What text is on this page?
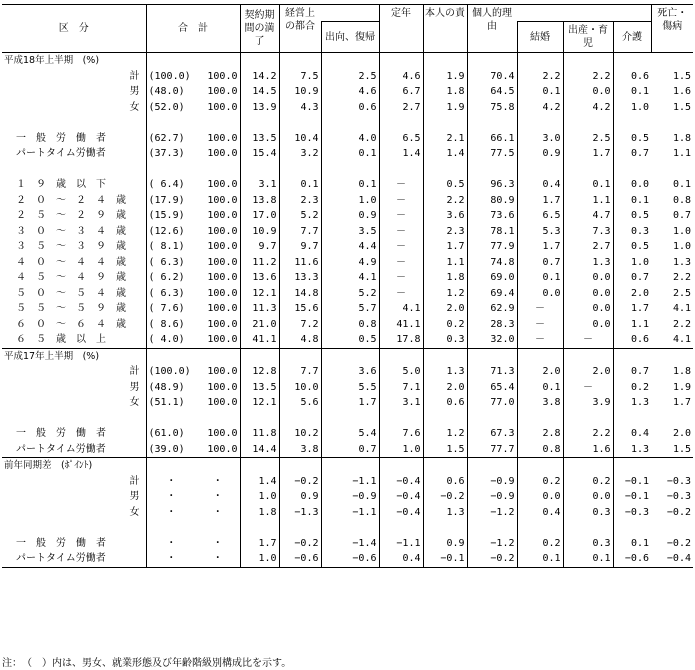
区　分	合　計		契約期間の満了	経営上の都合		定年	本人の責	個人的理由				死亡・傷病
					出向、復帰				結婚	出産・育児	介護	
平成18年上半期　(%)												
計	(100.0)	100.0	14.2	7.5	2.5	4.6	1.9	70.4	2.2	2.2	0.6	1.5
男	(48.0)	100.0	14.5	10.9	4.6	6.7	1.8	64.5	0.1	0.0	0.1	1.6
女	(52.0)	100.0	13.9	4.3	0.6	2.7	1.9	75.8	4.2	4.2	1.0	1.5

一　般　労　働　者	(62.7)	100.0	13.5	10.4	4.0	6.5	2.1	66.1	3.0	2.5	0.5	1.8
パートタイム労働者	(37.3)	100.0	15.4	3.2	0.1	1.4	1.4	77.5	0.9	1.7	0.7	1.1

１　９　歳　以　下	( 6.4)	100.0	3.1	0.1	0.1	－	0.5	96.3	0.4	0.1	0.0	0.1
２　０　～　２　４　歳	(17.9)	100.0	13.8	2.3	1.0	－	2.2	80.9	1.7	1.1	0.1	0.8
２　５　～　２　９　歳	(15.9)	100.0	17.0	5.2	0.9	－	3.6	73.6	6.5	4.7	0.5	0.7
３　０　～　３　４　歳	(12.6)	100.0	10.9	7.7	3.5	－	2.3	78.1	5.3	7.3	0.3	1.0
３　５　～　３　９　歳	( 8.1)	100.0	9.7	9.7	4.4	－	1.7	77.9	1.7	2.7	0.5	1.0
４　０　～　４　４　歳	( 6.3)	100.0	11.2	11.6	4.9	－	1.1	74.8	0.7	1.3	1.0	1.3
４　５　～　４　９　歳	( 6.2)	100.0	13.6	13.3	4.1	－	1.8	69.0	0.1	0.0	0.7	2.2
５　０　～　５　４　歳	( 6.3)	100.0	12.1	14.8	5.2	－	1.2	69.4	0.0	0.0	2.0	2.5
５　５　～　５　９　歳	( 7.6)	100.0	11.3	15.6	5.7	4.1	2.0	62.9	－	0.0	1.7	4.1
６　０　～　６　４　歳	( 8.6)	100.0	21.0	7.2	0.8	41.1	0.2	28.3	－	0.0	1.1	2.2
６　５　歳　以　上	( 4.0)	100.0	41.1	4.8	0.5	17.8	0.3	32.0	－	－	0.6	4.1
平成17年上半期　(%)												
計	(100.0)	100.0	12.8	7.7	3.6	5.0	1.3	71.3	2.0	2.0	0.7	1.8
男	(48.9)	100.0	13.5	10.0	5.5	7.1	2.0	65.4	0.1	－	0.2	1.9
女	(51.1)	100.0	12.1	5.6	1.7	3.1	0.6	77.0	3.8	3.9	1.3	1.7

一　般　労　働　者	(61.0)	100.0	11.8	10.2	5.4	7.6	1.2	67.3	2.8	2.2	0.4	2.0
パートタイム労働者	(39.0)	100.0	14.4	3.8	0.7	1.0	1.5	77.7	0.8	1.6	1.3	1.5
前年同期差　(ﾎﾟｲﾝﾄ)												
計	・	・	1.4	−0.2	−1.1	−0.4	0.6	−0.9	0.2	0.2	−0.1	−0.3
男	・	・	1.0	0.9	−0.9	−0.4	−0.2	−0.9	0.0	0.0	−0.1	−0.3
女	・	・	1.8	−1.3	−1.1	−0.4	1.3	−1.2	0.4	0.3	−0.3	−0.2

一　般　労　働　者	・	・	1.7	−0.2	−1.4	−1.1	0.9	−1.2	0.2	0.3	0.1	−0.2
パートタイム労働者	・	・	1.0	−0.6	−0.6	0.4	−0.1	−0.2	0.1	0.1	−0.6	−0.4
注：　（　）内は、男女、就業形態及び年齢階級別構成比を示す。
